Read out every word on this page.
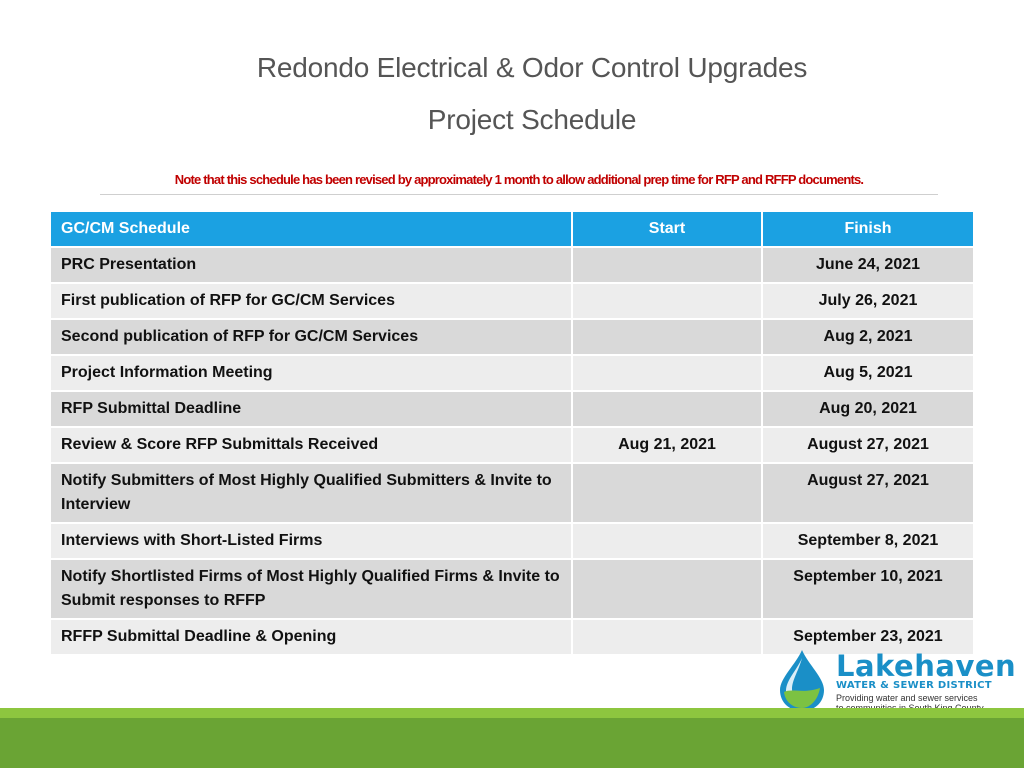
Redondo Electrical & Odor Control Upgrades
Project Schedule
Note that this schedule has been revised by approximately 1 month to allow additional prep time for RFP and RFFP documents.
GC/CM Schedule	Start	Finish
PRC Presentation		June 24, 2021
First publication of RFP for GC/CM Services		July 26, 2021
Second publication of RFP for GC/CM Services		Aug 2, 2021
Project Information Meeting		Aug 5, 2021
RFP Submittal Deadline		Aug 20, 2021
Review & Score RFP Submittals Received	Aug 21, 2021	August 27, 2021
Notify Submitters of Most Highly Qualified Submitters & Invite to Interview		August 27, 2021
Interviews with Short-Listed Firms		September 8, 2021
Notify Shortlisted Firms of Most Highly Qualified Firms & Invite to Submit responses to RFFP		September 10, 2021
RFFP Submittal Deadline & Opening		September 23, 2021
Lakehaven
WATER & SEWER DISTRICT
Providing water and sewer services
